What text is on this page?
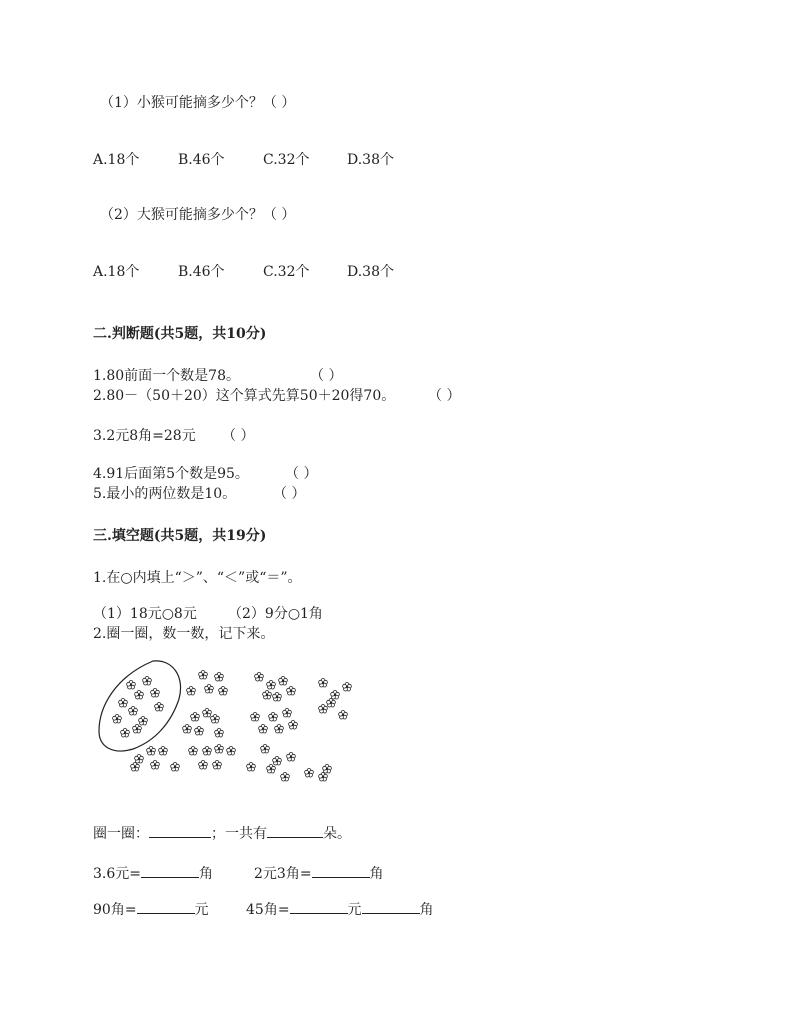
（1）小猴可能摘多少个？（ ）
A.18个	B.46个	C.32个	D.38个
（2）大猴可能摘多少个？（ ）
A.18个	B.46个	C.32个	D.38个
二.判断题(共5题，共10分)
1.80前面一个数是78。	（ ）
2.80－（50＋20）这个算式先算50＋20得70。 （ ）
3.2元8角=28元 （ ）
4.91后面第5个数是95。	（ ）
5.最小的两位数是10。	（ ）
三.填空题(共5题，共19分)
1.在○内填上“＞”、“＜”或“＝”。
（1）18元○8元 （2）9分○1角
2.圈一圈，数一数，记下来。
圈一圈：	；一共有	朵。
3.6元=	角	2元3角=	角
90角=	元	45角=	元	角
